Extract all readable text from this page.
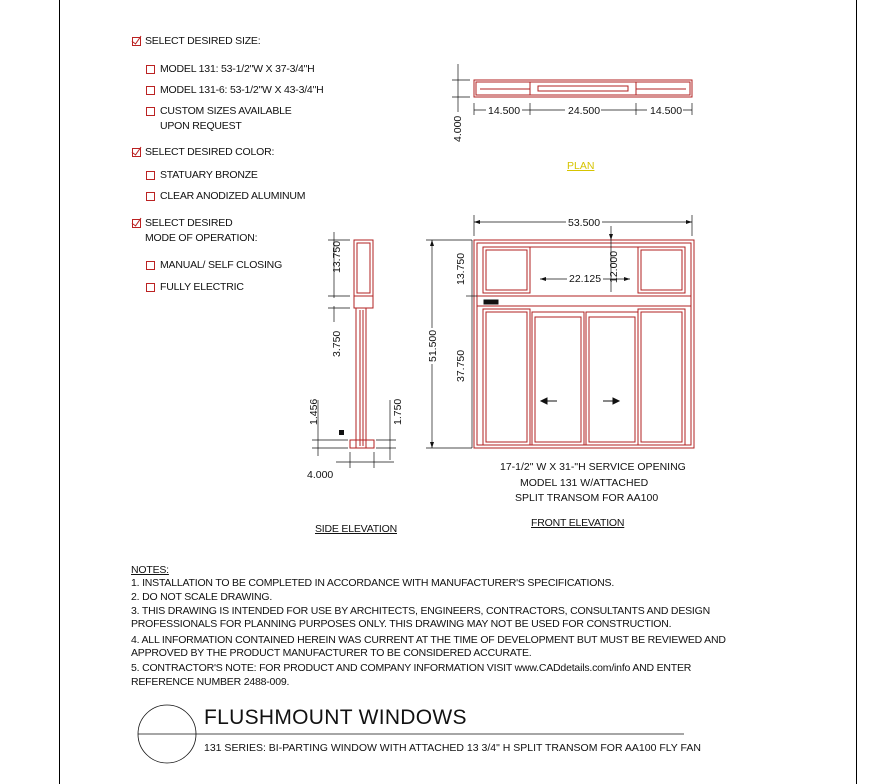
SELECT DESIRED SIZE:
MODEL 131: 53-1/2"W X 37-3/4"H
MODEL 131-6: 53-1/2"W X 43-3/4"H
CUSTOM SIZES AVAILABLE
UPON REQUEST
SELECT DESIRED COLOR:
STATUARY BRONZE
CLEAR ANODIZED ALUMINUM
SELECT DESIRED
MODE OF OPERATION:
MANUAL/ SELF CLOSING
FULLY ELECTRIC
14.500	24.500	14.500
4.000
53.500
12.000
22.125
13.750
51.500
37.750
17-1/2" W X 31-"H SERVICE OPENING
MODEL 131 W/ATTACHED
SPLIT TRANSOM FOR AA100
13.750
3.750
1.456	1.750
4.000
PLAN
SIDE ELEVATION	FRONT ELEVATION
NOTES:
1. INSTALLATION TO BE COMPLETED IN ACCORDANCE WITH MANUFACTURER'S SPECIFICATIONS.
2. DO NOT SCALE DRAWING.
3. THIS DRAWING IS INTENDED FOR USE BY ARCHITECTS, ENGINEERS, CONTRACTORS, CONSULTANTS AND DESIGN
PROFESSIONALS FOR PLANNING PURPOSES ONLY. THIS DRAWING MAY NOT BE USED FOR CONSTRUCTION.
4. ALL INFORMATION CONTAINED HEREIN WAS CURRENT AT THE TIME OF DEVELOPMENT BUT MUST BE REVIEWED AND
APPROVED BY THE PRODUCT MANUFACTURER TO BE CONSIDERED ACCURATE.
5. CONTRACTOR'S NOTE: FOR PRODUCT AND COMPANY INFORMATION VISIT www.CADdetails.com/info AND ENTER
REFERENCE NUMBER 2488-009.
FLUSHMOUNT WINDOWS
131 SERIES: BI-PARTING WINDOW WITH ATTACHED 13 3/4" H SPLIT TRANSOM FOR AA100 FLY FAN
